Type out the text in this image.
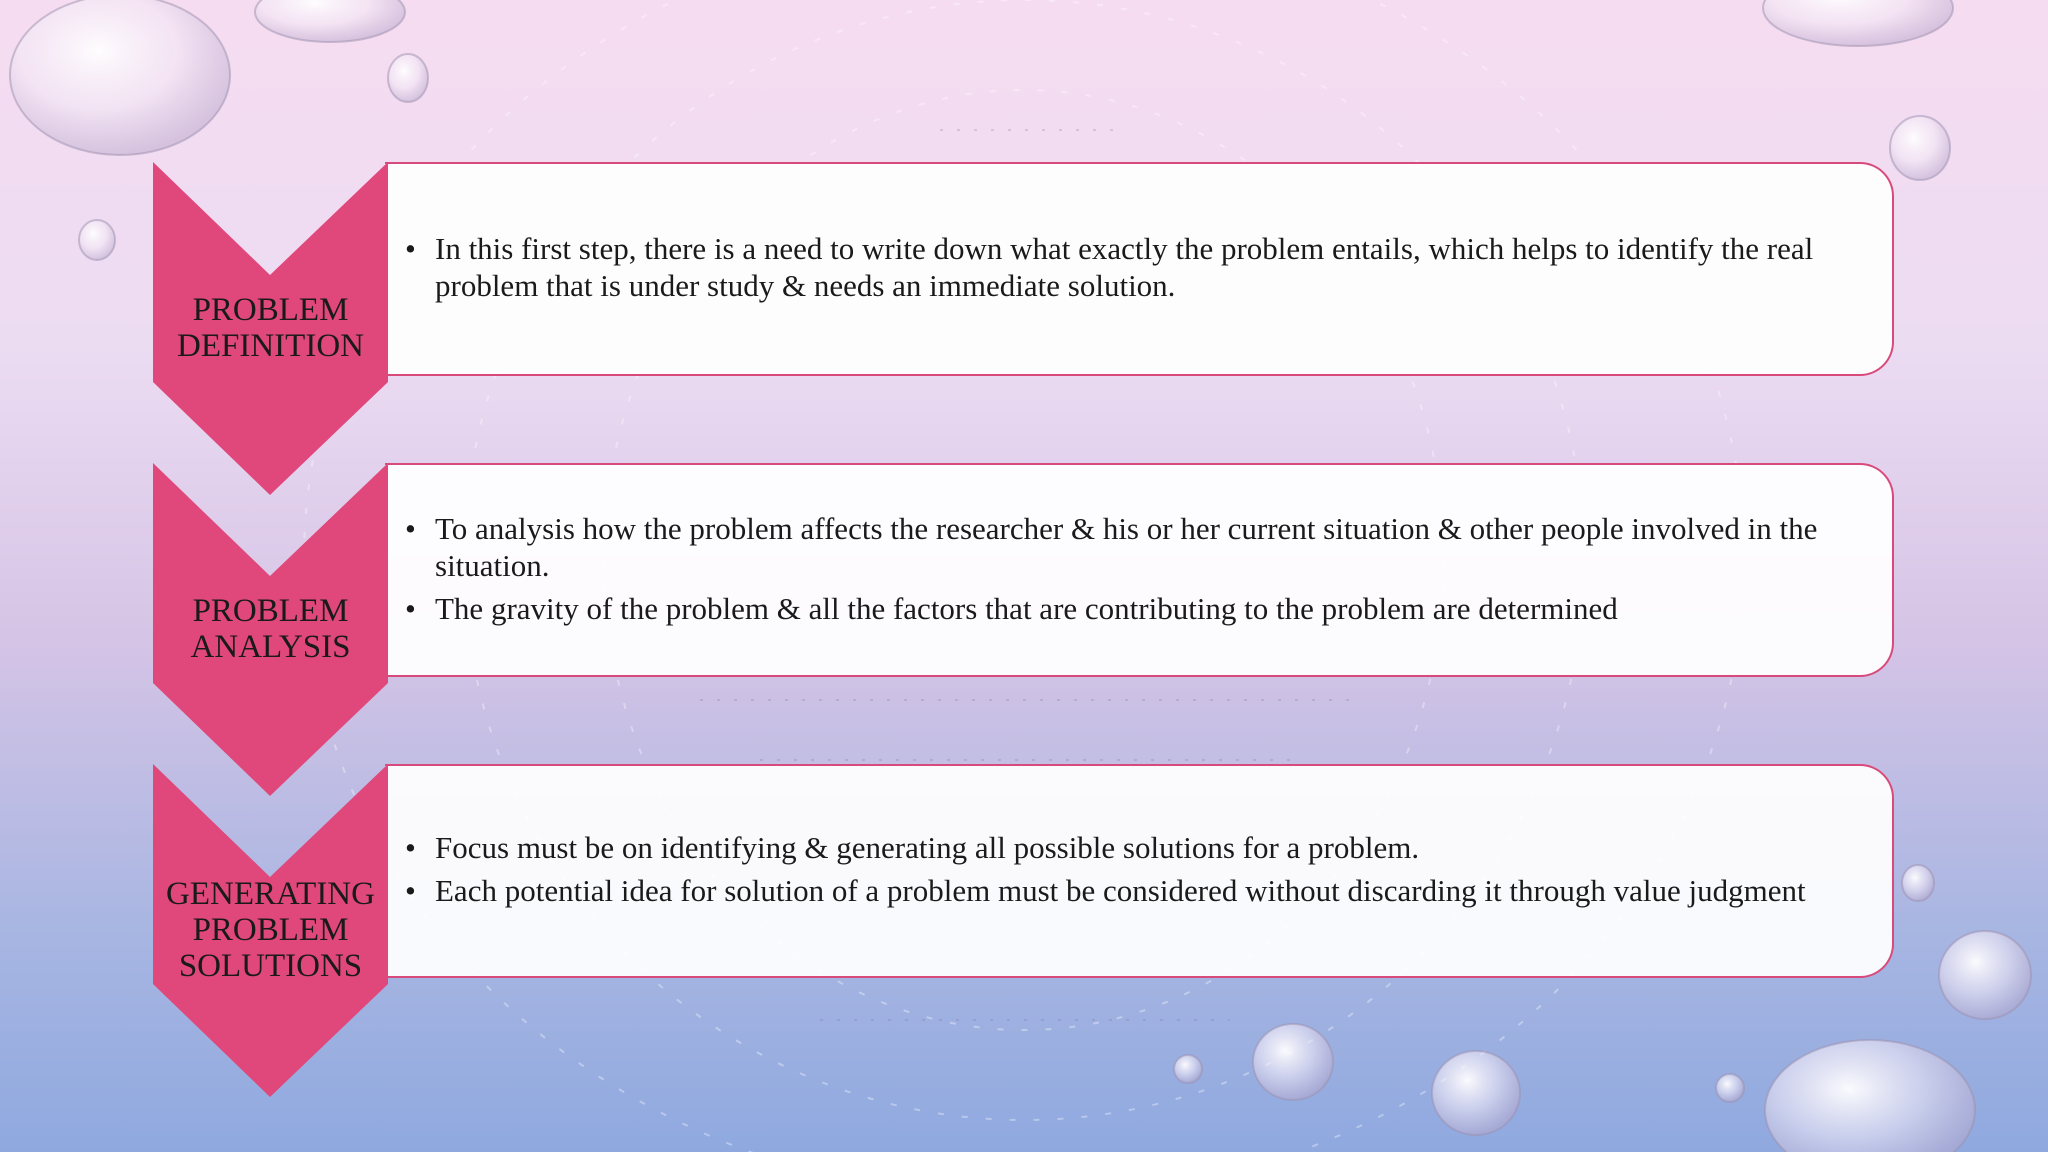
• In this first step, there is a need to write down what exactly the problem entails, which helps to identify the real problem that is under study & needs an immediate solution.
PROBLEM
DEFINITION
• To analysis how the problem affects the researcher & his or her current situation & other people involved in the situation.
• The gravity of the problem & all the factors that are contributing to the problem are determined
PROBLEM
ANALYSIS
• Focus must be on identifying & generating all possible solutions for a problem.
• Each potential idea for solution of a problem must be considered without discarding it through value judgment
GENERATING
PROBLEM
SOLUTIONS
